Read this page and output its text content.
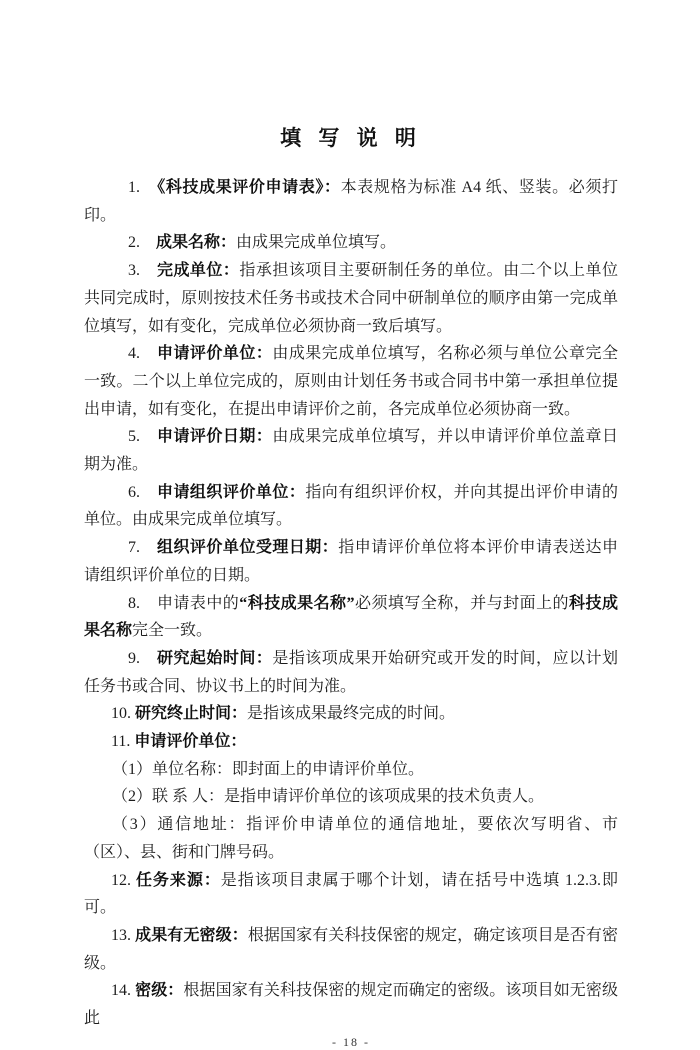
填 写 说 明

1.　《科技成果评价申请表》：本表规格为标准 A4 纸、竖装。必须打印。

2.　成果名称：由成果完成单位填写。

3.　完成单位：指承担该项目主要研制任务的单位。由二个以上单位共同完成时，原则按技术任务书或技术合同中研制单位的顺序由第一完成单位填写，如有变化，完成单位必须协商一致后填写。

4.　申请评价单位：由成果完成单位填写，名称必须与单位公章完全一致。二个以上单位完成的，原则由计划任务书或合同书中第一承担单位提出申请，如有变化，在提出申请评价之前，各完成单位必须协商一致。

5.　申请评价日期：由成果完成单位填写，并以申请评价单位盖章日期为准。

6.　申请组织评价单位：指向有组织评价权，并向其提出评价申请的单位。由成果完成单位填写。

7.　组织评价单位受理日期：指申请评价单位将本评价申请表送达申请组织评价单位的日期。

8.　申请表中的“科技成果名称”必须填写全称，并与封面上的科技成果名称完全一致。

9.　研究起始时间：是指该项成果开始研究或开发的时间，应以计划任务书或合同、协议书上的时间为准。

10. 研究终止时间：是指该成果最终完成的时间。

11. 申请评价单位：

（1）单位名称：即封面上的申请评价单位。

（2）联 系 人：是指申请评价单位的该项成果的技术负责人。

（3）通信地址：指评价申请单位的通信地址，要依次写明省、市（区）、县、街和门牌号码。

12. 任务来源：是指该项目隶属于哪个计划，请在括号中选填 1.2.3.即可。

13. 成果有无密级：根据国家有关科技保密的规定，确定该项目是否有密级。

14. 密级：根据国家有关科技保密的规定而确定的密级。该项目如无密级此

- 18 -
